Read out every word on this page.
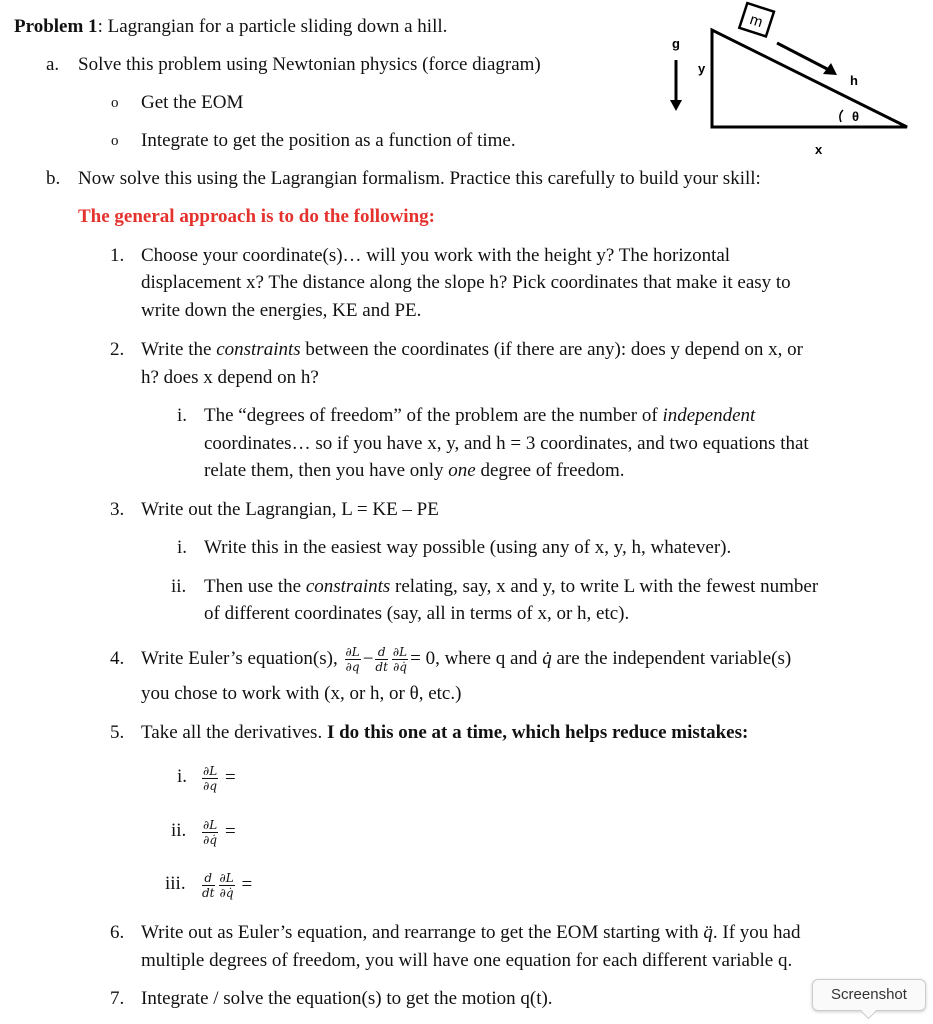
Problem 1: Lagrangian for a particle sliding down a hill.
a. Solve this problem using Newtonian physics (force diagram)
o Get the EOM
o Integrate to get the position as a function of time.
m
g
y
h
x
θ
b. Now solve this using the Lagrangian formalism. Practice this carefully to build your skill:
The general approach is to do the following:
1. Choose your coordinate(s)… will you work with the height y? The horizontal
displacement x? The distance along the slope h? Pick coordinates that make it easy to
write down the energies, KE and PE.
2. Write the constraints between the coordinates (if there are any): does y depend on x, or
h? does x depend on h?
i. The “degrees of freedom” of the problem are the number of independent
coordinates… so if you have x, y, and h = 3 coordinates, and two equations that
relate them, then you have only one degree of freedom.
3. Write out the Lagrangian, L = KE – PE
i. Write this in the easiest way possible (using any of x, y, h, whatever).
ii. Then use the constraints relating, say, x and y, to write L with the fewest number
of different coordinates (say, all in terms of x, or h, etc).
4. Write Euler’s equation(s), $\frac{\partial L}{\partial q} - \frac{d}{dt} \frac{\partial L}{\partial q̇} = 0$, where q and q̇ are the independent variable(s)
you chose to work with (x, or h, or θ, etc.)
5. Take all the derivatives. I do this one at a time, which helps reduce mistakes:
i. $\frac{\partial L}{\partial q}$ =
ii. $\frac{\partial L}{\partial q̇}$ =
iii. $\frac{d}{dt} \frac{\partial L}{\partial q̇}$ =
6. Write out as Euler’s equation, and rearrange to get the EOM starting with q̈. If you had
multiple degrees of freedom, you will have one equation for each different variable q.
7. Integrate / solve the equation(s) to get the motion q(t).	Screenshot
